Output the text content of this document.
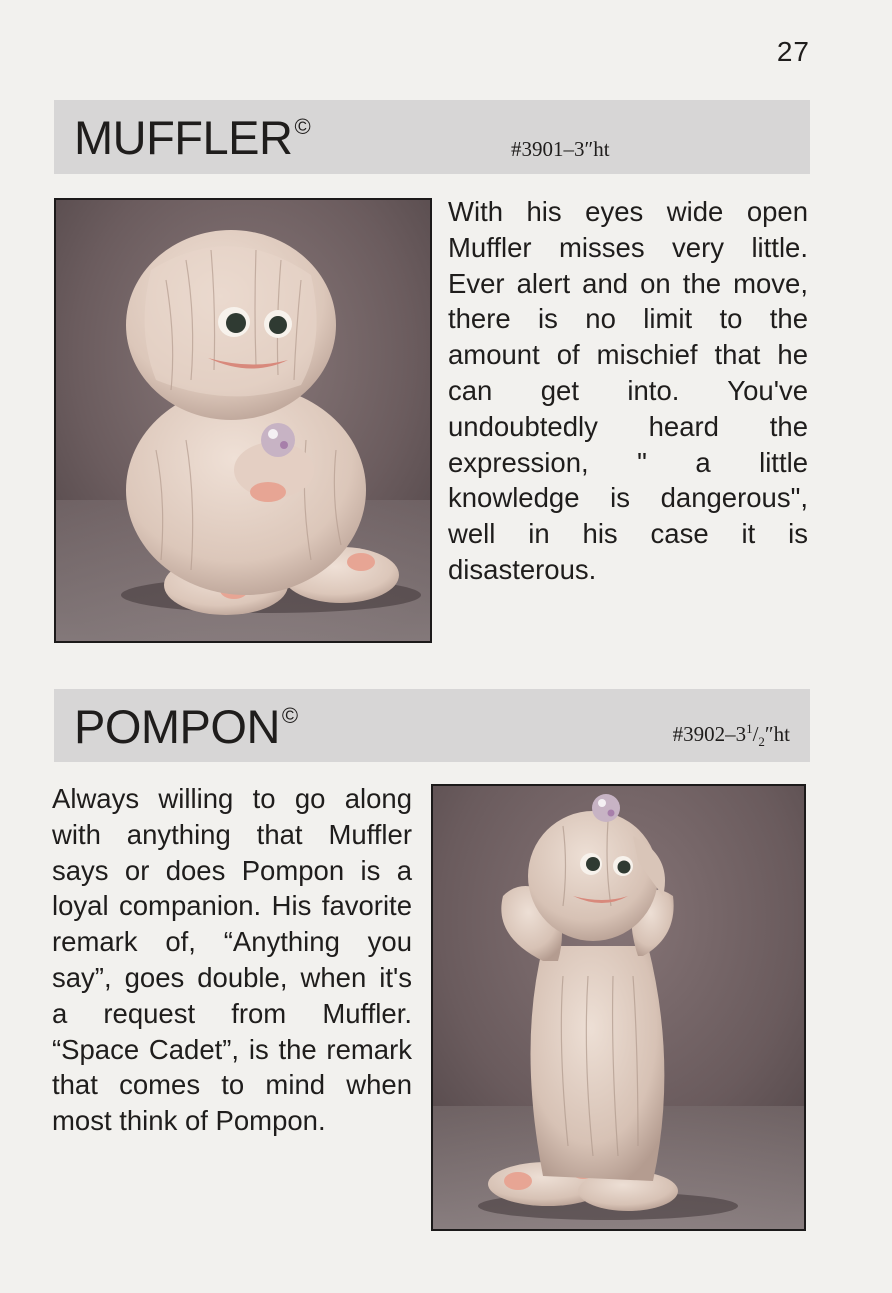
27
MUFFLER©
#3901–3″ht
With his eyes wide open Muffler misses very little. Ever alert and on the move, there is no limit to the amount of mischief that he can get into. You've undoubtedly heard the expression, " a little knowledge is dangerous", well in his case it is disasterous.
POMPON©
$\#3902-3^1/_2''ht$
Always willing to go along with anything that Muffler says or does Pompon is a loyal companion. His favorite remark of, “Anything you say”, goes double, when it's a request from Muffler. “Space Cadet”, is the remark that comes to mind when most think of Pompon.
